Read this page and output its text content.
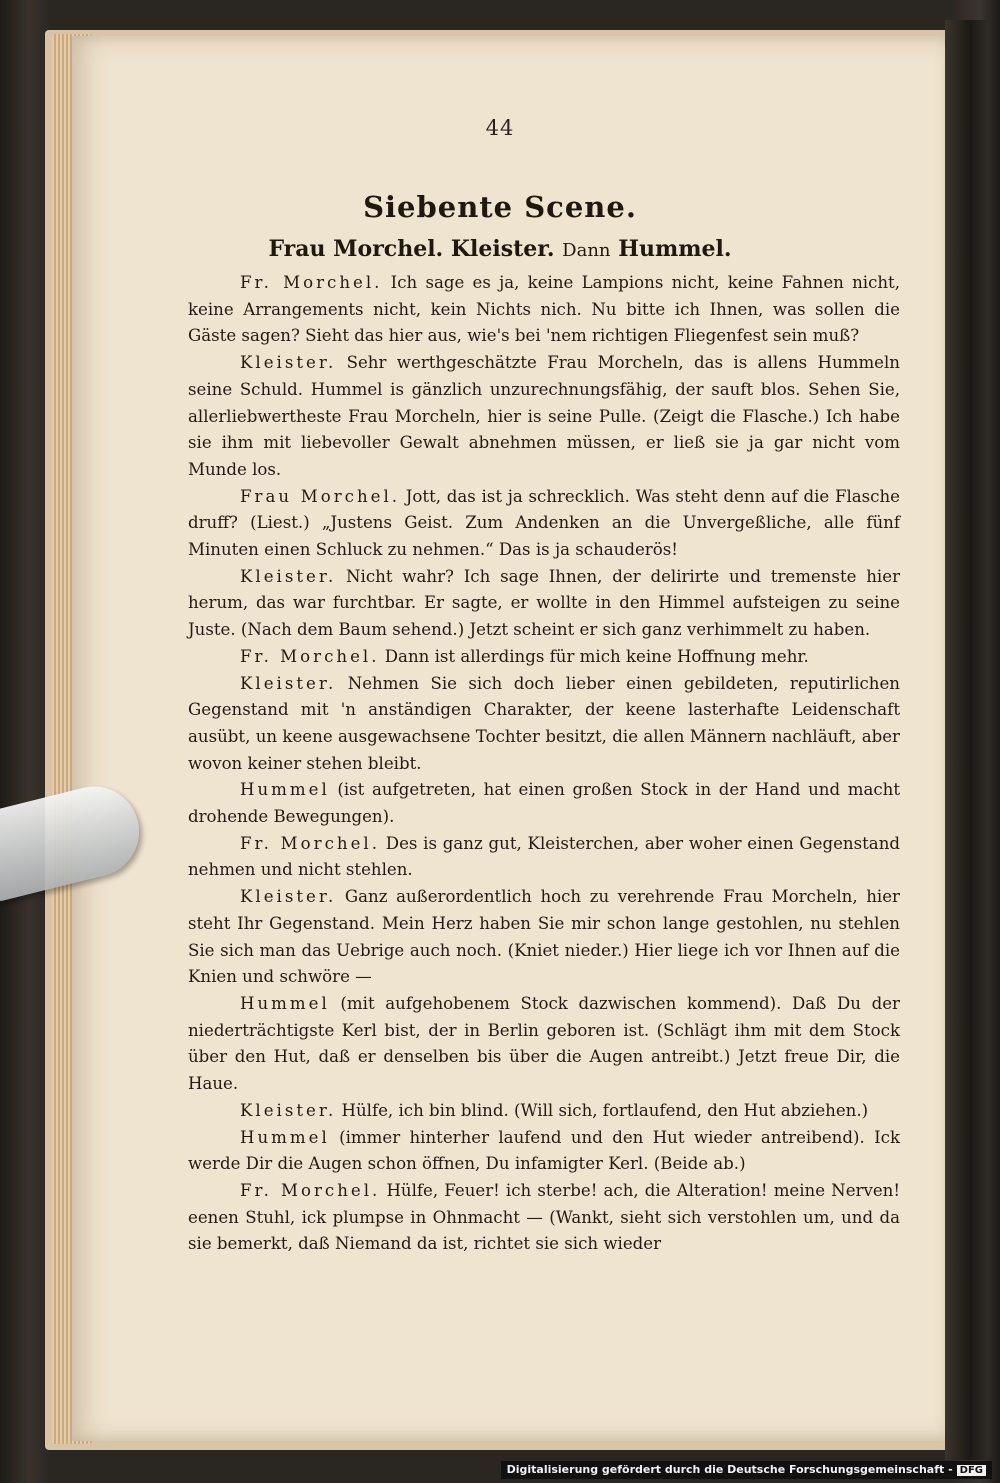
44
Siebente Scene.
Frau Morchel. Kleister. Dann Hummel.

Fr. Morchel. Ich sage es ja, keine Lampions nicht, keine Fahnen nicht, keine Arrangements nicht, kein Nichts nich. Nu bitte ich Ihnen, was sollen die Gäste sagen? Sieht das hier aus, wie's bei 'nem richtigen Fliegenfest sein muß?

Kleister. Sehr werthgeschätzte Frau Morcheln, das is allens Hummeln seine Schuld. Hummel is gänzlich unzurechnungsfähig, der sauft blos. Sehen Sie, allerliebwertheste Frau Morcheln, hier is seine Pulle. (Zeigt die Flasche.) Ich habe sie ihm mit liebevoller Gewalt abnehmen müssen, er ließ sie ja gar nicht vom Munde los.

Frau Morchel. Jott, das ist ja schrecklich. Was steht denn auf die Flasche druff? (Liest.) „Justens Geist. Zum Andenken an die Unvergeßliche, alle fünf Minuten einen Schluck zu nehmen.“ Das is ja schauderös!

Kleister. Nicht wahr? Ich sage Ihnen, der delirirte und tremenste hier herum, das war furchtbar. Er sagte, er wollte in den Himmel aufsteigen zu seine Juste. (Nach dem Baum sehend.) Jetzt scheint er sich ganz verhimmelt zu haben.

Fr. Morchel. Dann ist allerdings für mich keine Hoffnung mehr.

Kleister. Nehmen Sie sich doch lieber einen gebildeten, reputirlichen Gegenstand mit 'n anständigen Charakter, der keene lasterhafte Leidenschaft ausübt, un keene ausgewachsene Tochter besitzt, die allen Männern nachläuft, aber wovon keiner stehen bleibt.

Hummel (ist aufgetreten, hat einen großen Stock in der Hand und macht drohende Bewegungen).

Fr. Morchel. Des is ganz gut, Kleisterchen, aber woher einen Gegenstand nehmen und nicht stehlen.

Kleister. Ganz außerordentlich hoch zu verehrende Frau Morcheln, hier steht Ihr Gegenstand. Mein Herz haben Sie mir schon lange gestohlen, nu stehlen Sie sich man das Uebrige auch noch. (Kniet nieder.) Hier liege ich vor Ihnen auf die Knien und schwöre —

Hummel (mit aufgehobenem Stock dazwischen kommend). Daß Du der niederträchtigste Kerl bist, der in Berlin geboren ist. (Schlägt ihm mit dem Stock über den Hut, daß er denselben bis über die Augen antreibt.) Jetzt freue Dir, die Haue.

Kleister. Hülfe, ich bin blind. (Will sich, fortlaufend, den Hut abziehen.)

Hummel (immer hinterher laufend und den Hut wieder antreibend). Ick werde Dir die Augen schon öffnen, Du infamigter Kerl. (Beide ab.)

Fr. Morchel. Hülfe, Feuer! ich sterbe! ach, die Alteration! meine Nerven! eenen Stuhl, ick plumpse in Ohnmacht — (Wankt, sieht sich verstohlen um, und da sie bemerkt, daß Niemand da ist, richtet sie sich wieder

Digitalisierung gefördert durch die Deutsche Forschungsgemeinschaft - DFG
